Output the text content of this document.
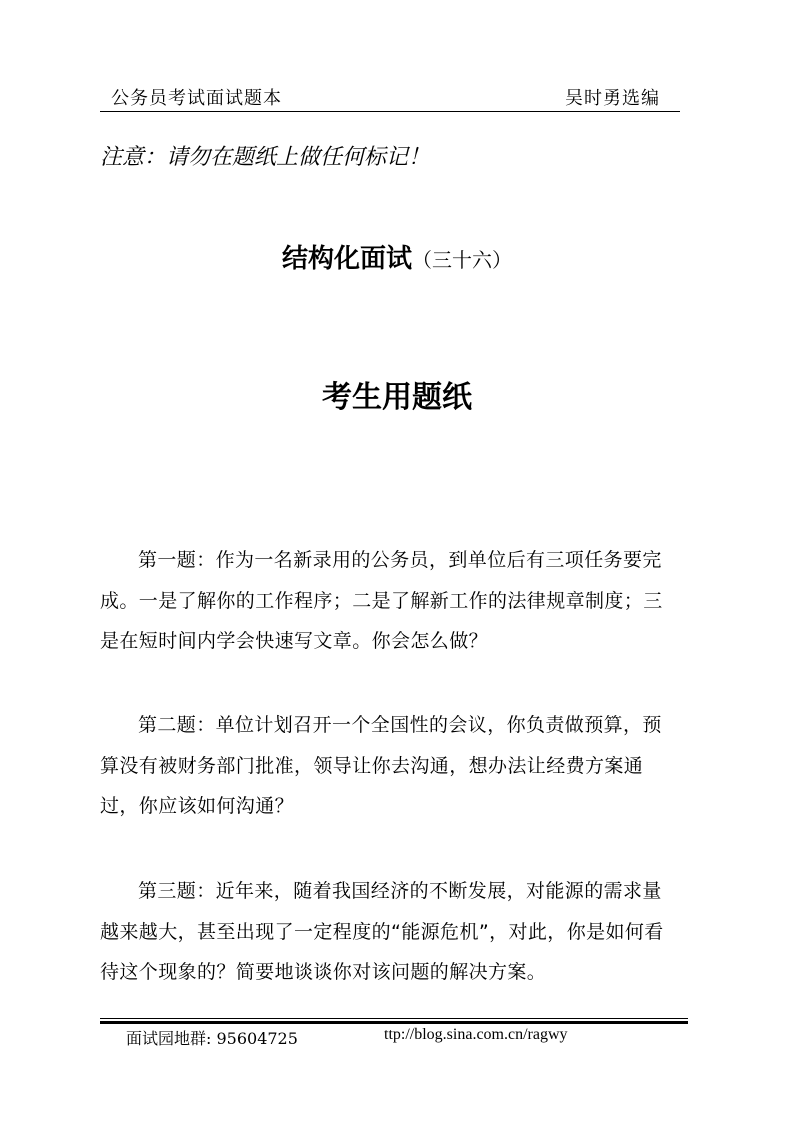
公务员考试面试题本	吴时勇选编
注意：请勿在题纸上做任何标记！
结构化面试（三十六）
考生用题纸

第一题：作为一名新录用的公务员，到单位后有三项任务要完成。一是了解你的工作程序；二是了解新工作的法律规章制度；三是在短时间内学会快速写文章。你会怎么做？

第二题：单位计划召开一个全国性的会议，你负责做预算，预算没有被财务部门批准，领导让你去沟通，想办法让经费方案通过，你应该如何沟通？

第三题：近年来，随着我国经济的不断发展，对能源的需求量越来越大，甚至出现了一定程度的“能源危机”，对此，你是如何看待这个现象的？简要地谈谈你对该问题的解决方案。

面试园地群: 95604725	ttp://blog.sina.com.cn/ragwy
